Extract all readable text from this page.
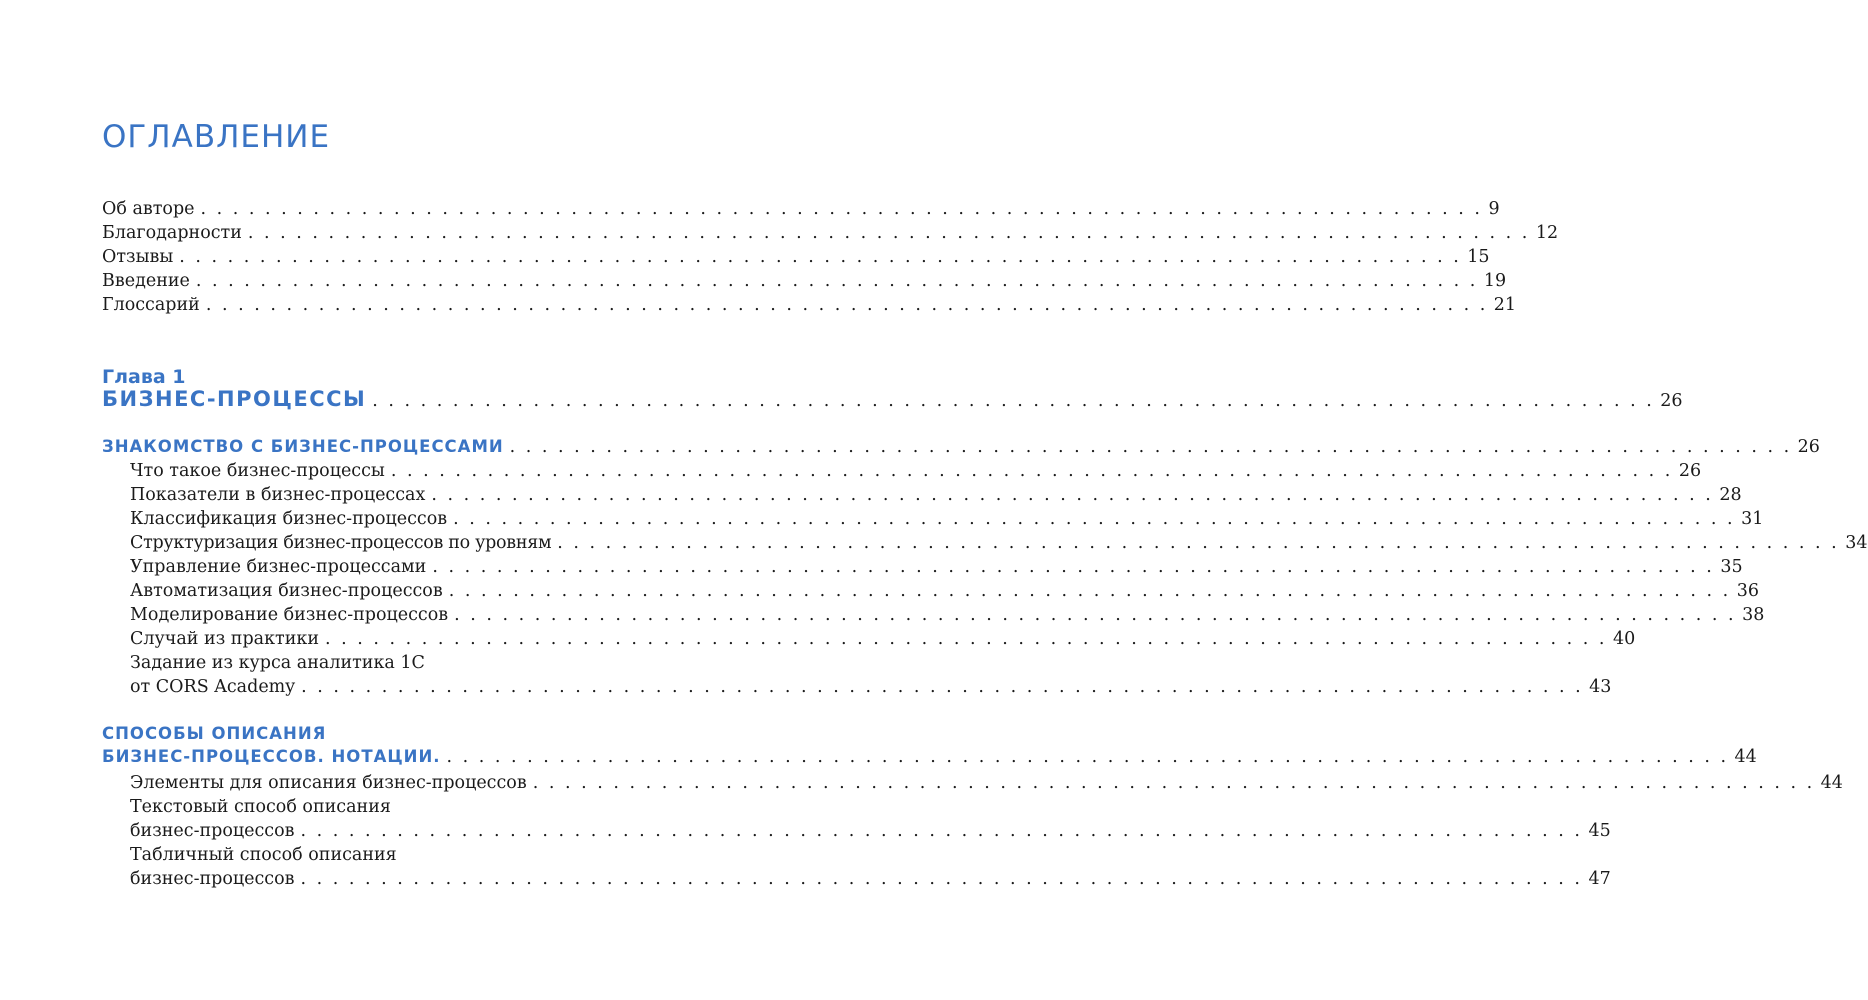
ОГЛАВЛЕНИЕ
Об авторе . . . . . . . . . . . . . . . . . . . . . . . . . . . . . . . . . . . . . . . . . . . . . . . . . . . . . . . . . . . . . . . . . . . . . . . . . . . . . . . . 9
Благодарности . . . . . . . . . . . . . . . . . . . . . . . . . . . . . . . . . . . . . . . . . . . . . . . . . . . . . . . . . . . . . . . . . . . . . . . . . . . . . . . . 12
Отзывы . . . . . . . . . . . . . . . . . . . . . . . . . . . . . . . . . . . . . . . . . . . . . . . . . . . . . . . . . . . . . . . . . . . . . . . . . . . . . . . . 15
Введение . . . . . . . . . . . . . . . . . . . . . . . . . . . . . . . . . . . . . . . . . . . . . . . . . . . . . . . . . . . . . . . . . . . . . . . . . . . . . . . . 19
Глоссарий . . . . . . . . . . . . . . . . . . . . . . . . . . . . . . . . . . . . . . . . . . . . . . . . . . . . . . . . . . . . . . . . . . . . . . . . . . . . . . . . 21
Глава 1
БИЗНЕС-ПРОЦЕССЫ . . . . . . . . . . . . . . . . . . . . . . . . . . . . . . . . . . . . . . . . . . . . . . . . . . . . . . . . . . . . . . . . . . . . . . . . . . . . . . . . 26
ЗНАКОМСТВО С БИЗНЕС-ПРОЦЕССАМИ . . . . . . . . . . . . . . . . . . . . . . . . . . . . . . . . . . . . . . . . . . . . . . . . . . . . . . . . . . . . . . . . . . . . . . . . . . . . . . . . 26
Что такое бизнес-процессы . . . . . . . . . . . . . . . . . . . . . . . . . . . . . . . . . . . . . . . . . . . . . . . . . . . . . . . . . . . . . . . . . . . . . . . . . . . . . . . . 26
Показатели в бизнес-процессах . . . . . . . . . . . . . . . . . . . . . . . . . . . . . . . . . . . . . . . . . . . . . . . . . . . . . . . . . . . . . . . . . . . . . . . . . . . . . . . . 28
Классификация бизнес-процессов . . . . . . . . . . . . . . . . . . . . . . . . . . . . . . . . . . . . . . . . . . . . . . . . . . . . . . . . . . . . . . . . . . . . . . . . . . . . . . . . 31
Структуризация бизнес-процессов по уровням . . . . . . . . . . . . . . . . . . . . . . . . . . . . . . . . . . . . . . . . . . . . . . . . . . . . . . . . . . . . . . . . . . . . . . . . . . . . . . . . 34
Управление бизнес-процессами . . . . . . . . . . . . . . . . . . . . . . . . . . . . . . . . . . . . . . . . . . . . . . . . . . . . . . . . . . . . . . . . . . . . . . . . . . . . . . . . 35
Автоматизация бизнес-процессов . . . . . . . . . . . . . . . . . . . . . . . . . . . . . . . . . . . . . . . . . . . . . . . . . . . . . . . . . . . . . . . . . . . . . . . . . . . . . . . . 36
Моделирование бизнес-процессов . . . . . . . . . . . . . . . . . . . . . . . . . . . . . . . . . . . . . . . . . . . . . . . . . . . . . . . . . . . . . . . . . . . . . . . . . . . . . . . . 38
Случай из практики . . . . . . . . . . . . . . . . . . . . . . . . . . . . . . . . . . . . . . . . . . . . . . . . . . . . . . . . . . . . . . . . . . . . . . . . . . . . . . . . 40
Задание из курса аналитика 1С
от CORS Academy . . . . . . . . . . . . . . . . . . . . . . . . . . . . . . . . . . . . . . . . . . . . . . . . . . . . . . . . . . . . . . . . . . . . . . . . . . . . . . . . 43
СПОСОБЫ ОПИСАНИЯ
БИЗНЕС-ПРОЦЕССОВ. НОТАЦИИ. . . . . . . . . . . . . . . . . . . . . . . . . . . . . . . . . . . . . . . . . . . . . . . . . . . . . . . . . . . . . . . . . . . . . . . . . . . . . . . . . 44
Элементы для описания бизнес-процессов . . . . . . . . . . . . . . . . . . . . . . . . . . . . . . . . . . . . . . . . . . . . . . . . . . . . . . . . . . . . . . . . . . . . . . . . . . . . . . . . 44
Текстовый способ описания
бизнес-процессов . . . . . . . . . . . . . . . . . . . . . . . . . . . . . . . . . . . . . . . . . . . . . . . . . . . . . . . . . . . . . . . . . . . . . . . . . . . . . . . . 45
Табличный способ описания
бизнес-процессов . . . . . . . . . . . . . . . . . . . . . . . . . . . . . . . . . . . . . . . . . . . . . . . . . . . . . . . . . . . . . . . . . . . . . . . . . . . . . . . . 47
